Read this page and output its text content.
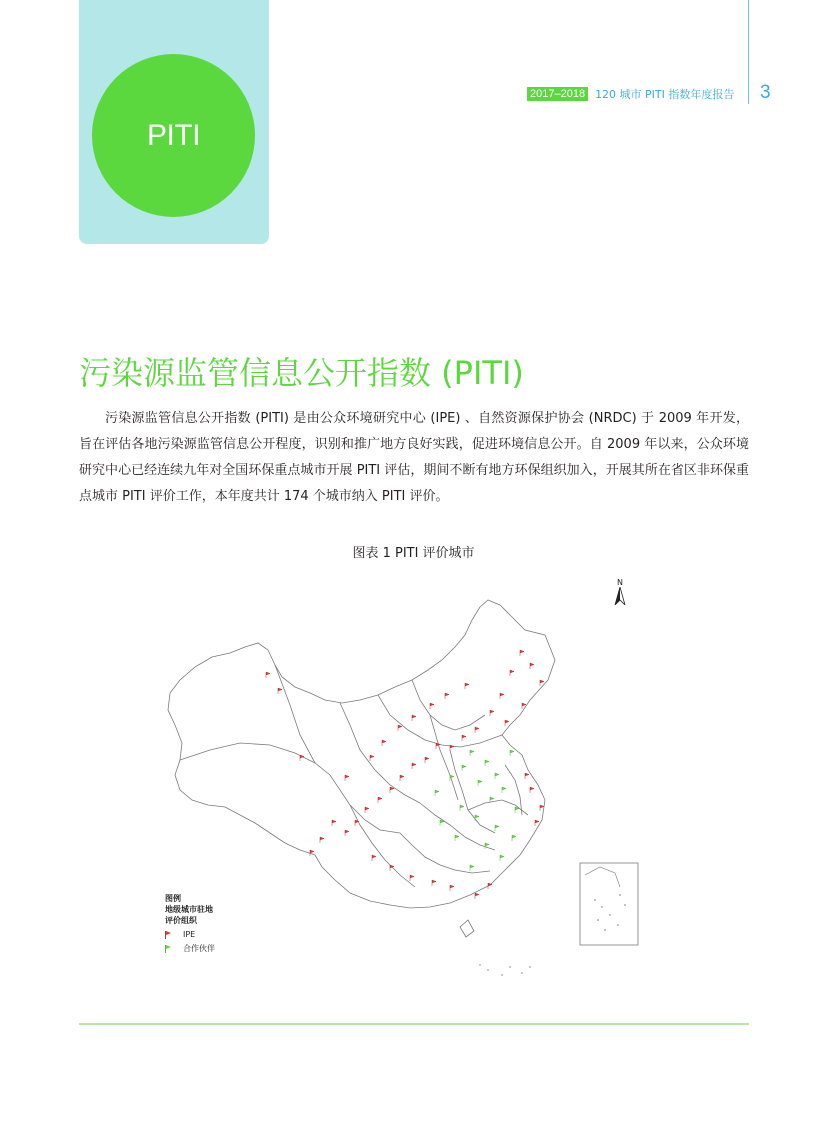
PITI
2017–2018 120 城市 PITI 指数年度报告 3
污染源监管信息公开指数 (PITI)

污染源监管信息公开指数 (PITI) 是由公众环境研究中心 (IPE) 、自然资源保护协会 (NRDC) 于 2009 年开发，旨在评估各地污染源监管信息公开程度，识别和推广地方良好实践，促进环境信息公开。自 2009 年以来，公众环境研究中心已经连续九年对全国环保重点城市开展 PITI 评估，期间不断有地方环保组织加入，开展其所在省区非环保重点城市 PITI 评价工作，本年度共计 174 个城市纳入 PITI 评价。

图表 1 PITI 评价城市
N
图例
地级城市驻地
评价组织
IPE
合作伙伴
